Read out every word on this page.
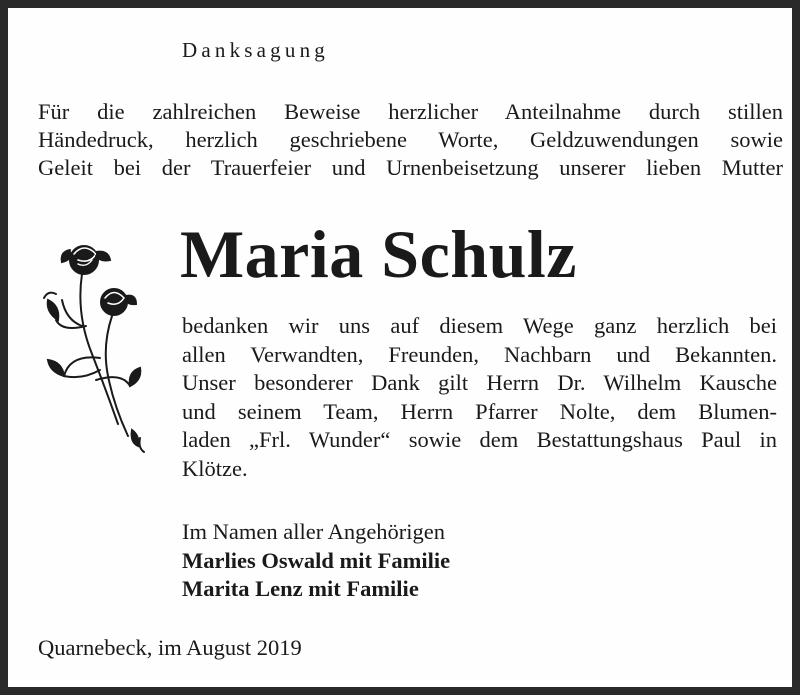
Danksagung
Für die zahlreichen Beweise herzlicher Anteilnahme durch stillen
Händedruck, herzlich geschriebene Worte, Geldzuwendungen sowie
Geleit bei der Trauerfeier und Urnenbeisetzung unserer lieben Mutter
Maria Schulz
bedanken wir uns auf diesem Wege ganz herzlich bei
allen Verwandten, Freunden, Nachbarn und Bekannten.
Unser besonderer Dank gilt Herrn Dr. Wilhelm Kausche
und seinem Team, Herrn Pfarrer Nolte, dem Blumen-
laden „Frl. Wunder“ sowie dem Bestattungshaus Paul in
Klötze.
Im Namen aller Angehörigen
Marlies Oswald mit Familie
Marita Lenz mit Familie
Quarnebeck, im August 2019
